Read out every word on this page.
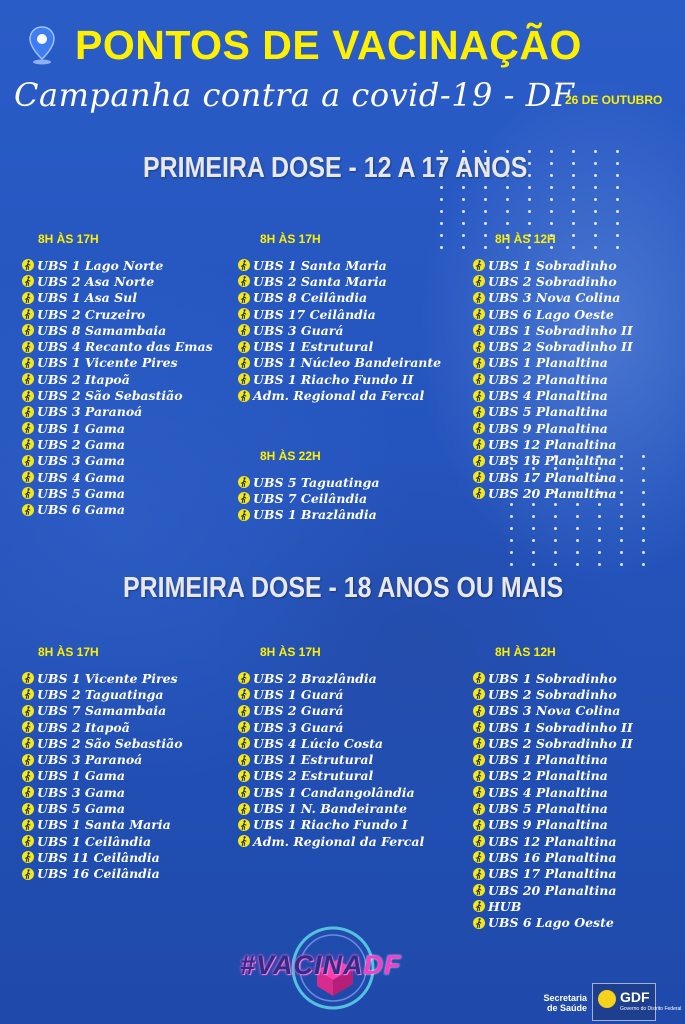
PONTOS DE VACINAÇÃO
Campanha contra a covid-19 - DF
26 DE OUTUBRO
PRIMEIRA DOSE - 12 A 17 ANOS
8H ÀS 17H
UBS 1 Lago Norte
UBS 2 Asa Norte
UBS 1 Asa Sul
UBS 2 Cruzeiro
UBS 8 Samambaia
UBS 4 Recanto das Emas
UBS 1 Vicente Pires
UBS 2 Itapoã
UBS 2 São Sebastião
UBS 3 Paranoá
UBS 1 Gama
UBS 2 Gama
UBS 3 Gama
UBS 4 Gama
UBS 5 Gama
UBS 6 Gama
8H ÀS 17H
UBS 1 Santa Maria
UBS 2 Santa Maria
UBS 8 Ceilândia
UBS 17 Ceilândia
UBS 3 Guará
UBS 1 Estrutural
UBS 1 Núcleo Bandeirante
UBS 1 Riacho Fundo II
Adm. Regional da Fercal
8H ÀS 22H
UBS 5 Taguatinga
UBS 7 Ceilândia
UBS 1 Brazlândia
8H ÀS 12H
UBS 1 Sobradinho
UBS 2 Sobradinho
UBS 3 Nova Colina
UBS 6 Lago Oeste
UBS 1 Sobradinho II
UBS 2 Sobradinho II
UBS 1 Planaltina
UBS 2 Planaltina
UBS 4 Planaltina
UBS 5 Planaltina
UBS 9 Planaltina
UBS 12 Planaltina
UBS 16 Planaltina
UBS 17 Planaltina
UBS 20 Planaltina
PRIMEIRA DOSE - 18 ANOS OU MAIS
8H ÀS 17H
UBS 1 Vicente Pires
UBS 2 Taguatinga
UBS 7 Samambaia
UBS 2 Itapoã
UBS 2 São Sebastião
UBS 3 Paranoá
UBS 1 Gama
UBS 3 Gama
UBS 5 Gama
UBS 1 Santa Maria
UBS 1 Ceilândia
UBS 11 Ceilândia
UBS 16 Ceilândia
8H ÀS 17H
UBS 2 Brazlândia
UBS 1 Guará
UBS 2 Guará
UBS 3 Guará
UBS 4 Lúcio Costa
UBS 1 Estrutural
UBS 2 Estrutural
UBS 1 Candangolândia
UBS 1 N. Bandeirante
UBS 1 Riacho Fundo I
Adm. Regional da Fercal
8H ÀS 12H
UBS 1 Sobradinho
UBS 2 Sobradinho
UBS 3 Nova Colina
UBS 1 Sobradinho II
UBS 2 Sobradinho II
UBS 1 Planaltina
UBS 2 Planaltina
UBS 4 Planaltina
UBS 5 Planaltina
UBS 9 Planaltina
UBS 12 Planaltina
UBS 16 Planaltina
UBS 17 Planaltina
UBS 20 Planaltina
HUB
UBS 6 Lago Oeste
#VACINADF
Secretaria de Saúde
GDF
Governo do Distrito Federal
